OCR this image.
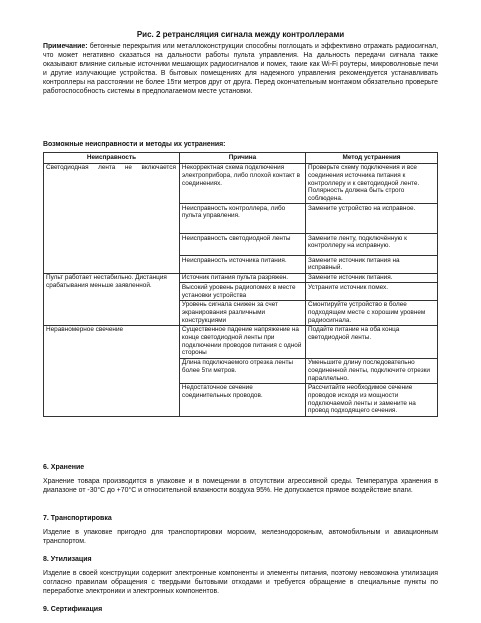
Рис. 2 ретрансляция сигнала между контроллерами
Примечание: бетонные перекрытия или металлоконструкции способны поглощать и эффективно отражать радиосигнал, что может негативно сказаться на дальности работы пульта управления. На дальность передачи сигнала также оказывают влияние сильные источники мешающих радиосигналов и помех, такие как Wi-Fi роутеры, микроволновые печи и другие излучающие устройства. В бытовых помещениях для надежного управления рекомендуется устанавливать контроллеры на расстоянии не более 15ти метров друг от друга. Перед окончательным монтажом обязательно проверьте работоспособность системы в предполагаемом месте установки.
Возможные неисправности и методы их устранения:
Неисправность	Причина	Метод устранения
Светодиодная лента не включается	Некорректная схема подключения электроприбора, либо плохой контакт в соединениях.	Проверьте схему подключения и все соединения источника питания к контроллеру и к светодиодной ленте. Полярность должна быть строго соблюдена.
	Неисправность контроллера, либо пульта управления.	Замените устройство на исправное.
	Неисправность светодиодной ленты	Замените ленту, подключённую к контроллеру на исправную.
	Неисправность источника питания.	Замените источник питания на исправный.
Пульт работает нестабильно. Дистанция срабатывания меньше заявленной.	Источник питания пульта разряжен.	Замените источник питания.
	Высокий уровень радиопомех в месте установки устройства	Устраните источник помех.
	Уровень сигнала снижен за счет экранирования различными конструкциями	Смонтируйте устройство в более подходящем месте с хорошим уровнем радиосигнала.
Неравномерное свечение	Существенное падение напряжение на конце светодиодной ленты при подключении проводов питания с одной стороны	Подайте питание на оба конца светодиодной ленты.
	Длина подключаемого отрезка ленты более 5ти метров.	Уменьшите длину последовательно соединенной ленты, подключите отрезки параллельно.
	Недостаточное сечение соединительных проводов.	Рассчитайте необходимое сечение проводов исходя из мощности подключаемой ленты и замените на провод подходящего сечения.
6. Хранение

Хранение товара производится в упаковке и в помещении в отсутствии агрессивной среды. Температура хранения в диапазоне от -30°С до +70°С и относительной влажности воздуха 95%. Не допускается прямое воздействие влаги.

7. Транспортировка

Изделие в упаковке пригодно для транспортировки морским, железнодорожным, автомобильным и авиационным транспортом.

8. Утилизация

Изделие в своей конструкции содержит электронные компоненты и элементы питания, поэтому невозможна утилизация согласно правилам обращения с твердыми бытовыми отходами и требуется обращение в специальные пункты по переработке электроники и электронных компонентов.

9. Сертификация
